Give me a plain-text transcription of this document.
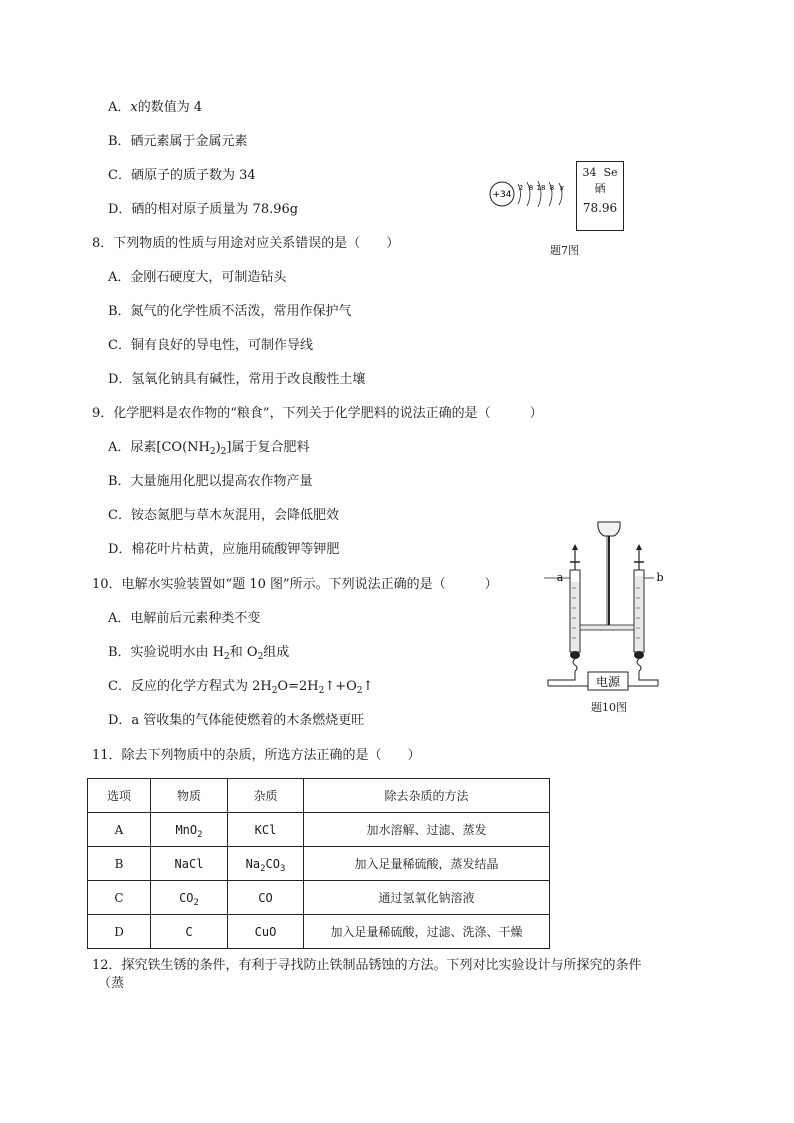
A．x的数值为 4
B．硒元素属于金属元素
C．硒原子的质子数为 34
D．硒的相对原子质量为 78.96g
+34
2 8 18 8 x
34 Se
硒
78.96
题7图
8．下列物质的性质与用途对应关系错误的是（　　）
A．金刚石硬度大，可制造钻头
B．氮气的化学性质不活泼，常用作保护气
C．铜有良好的导电性，可制作导线
D．氢氧化钠具有碱性，常用于改良酸性土壤
9．化学肥料是农作物的“粮食”，下列关于化学肥料的说法正确的是（　　　）
A．尿素$[CO(NH_2)_2]$属于复合肥料
B．大量施用化肥以提高农作物产量
C．铵态氮肥与草木灰混用，会降低肥效
D．棉花叶片枯黄，应施用硫酸钾等钾肥
10．电解水实验装置如“题 10 图”所示。下列说法正确的是（　　　）
A．电解前后元素种类不变
B．实验说明水由 $H_2$和 $O_2$组成
C．反应的化学方程式为 $2H_2O=2H_2↑+O_2↑$
D．a 管收集的气体能使燃着的木条燃烧更旺
电源
a	b
题10图
11．除去下列物质中的杂质，所选方法正确的是（　　）
选项	物质	杂质	除去杂质的方法
A	MnO$_2$	KCl	加水溶解、过滤、蒸发
B	NaCl	$Na_2CO_3$	加入足量稀硫酸，蒸发结晶
C	$CO_2$	CO	通过氢氧化钠溶液
D	C	CuO	加入足量稀硫酸，过滤、洗涤、干燥
12．探究铁生锈的条件，有利于寻找防止铁制品锈蚀的方法。下列对比实验设计与所探究的条件
（蒸
